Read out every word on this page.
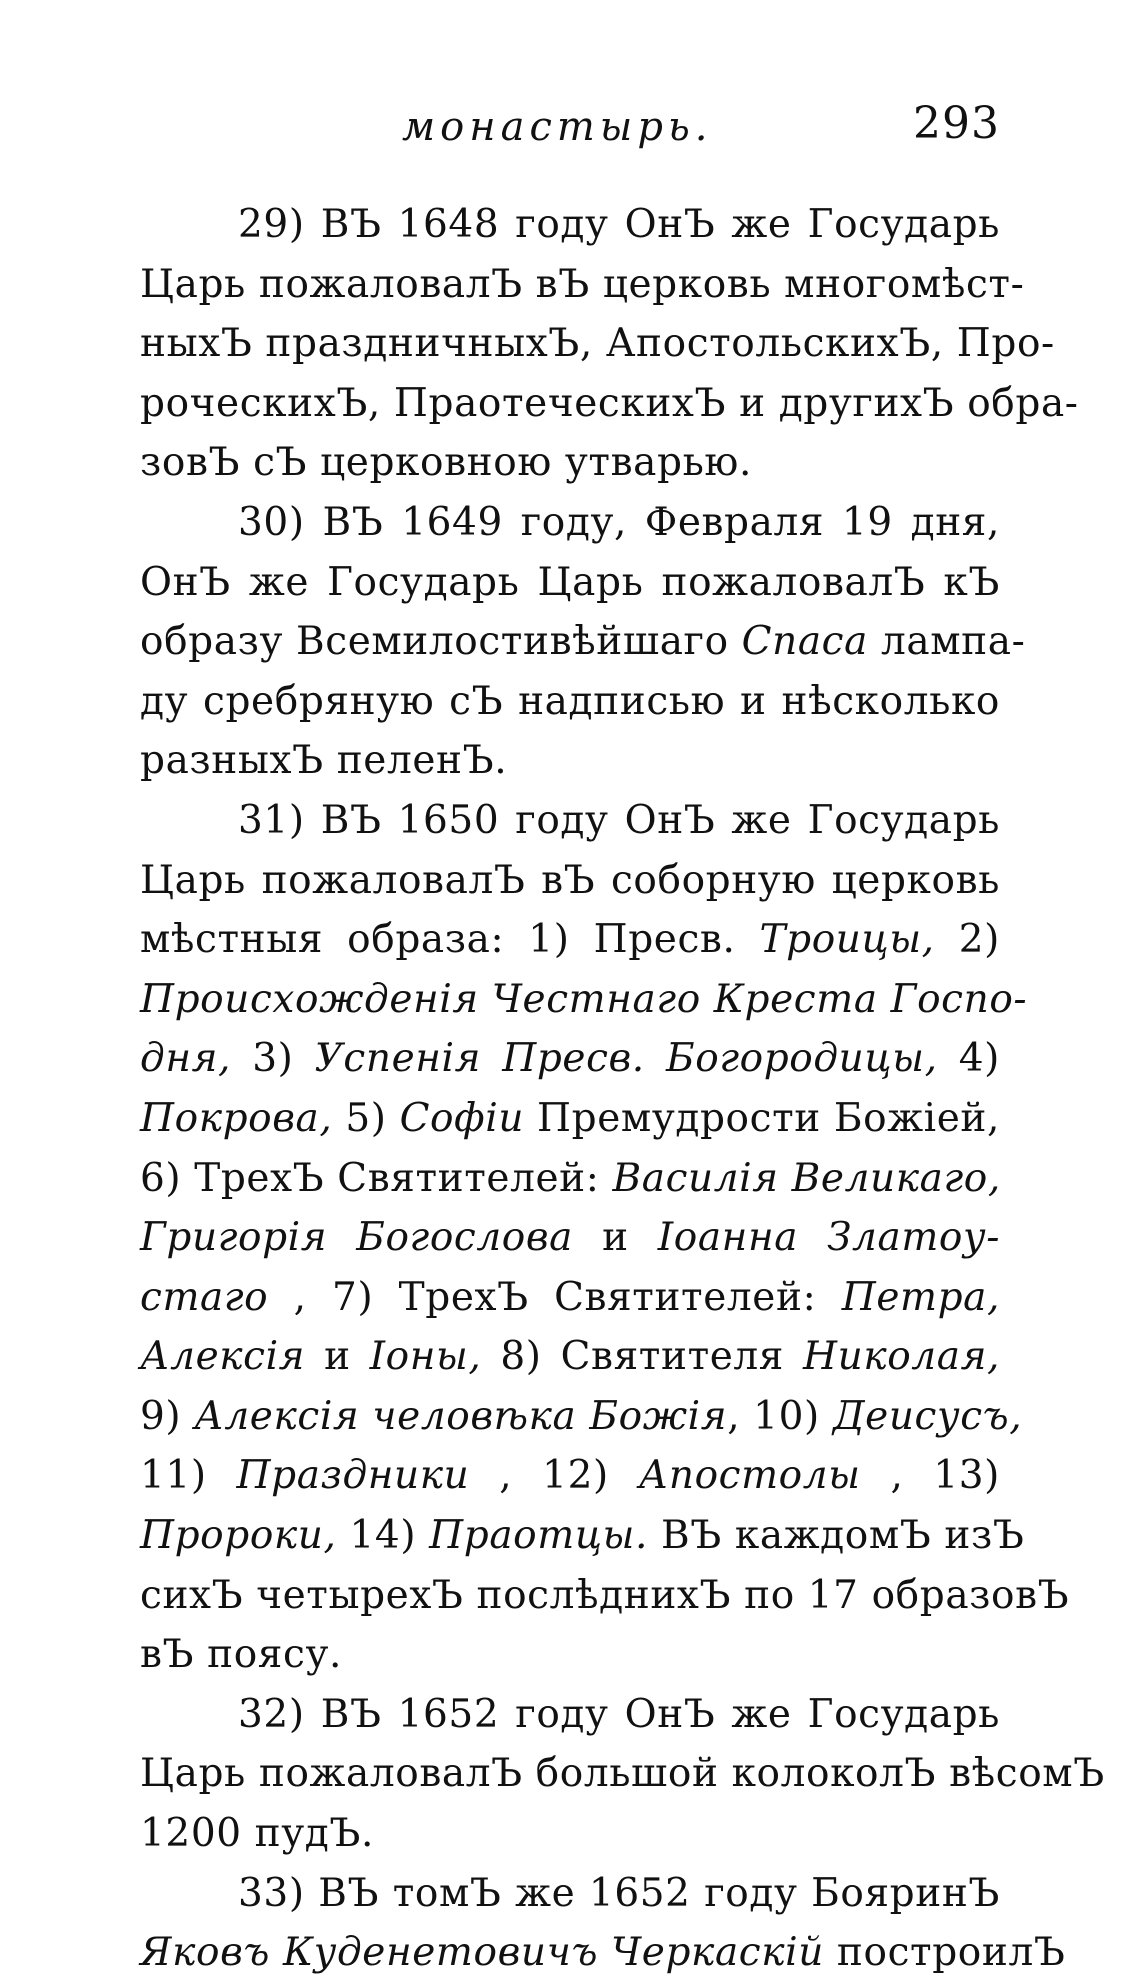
монастырь.	293
29) ВЪ 1648 году ОнЪ же Государь
Царь пожаловалЪ вЪ церковь многомѣст-
ныхЪ праздничныхЪ, АпостольскихЪ, Про-
роческихЪ, ПраотеческихЪ и другихЪ обра-
зовЪ сЪ церковною утварью.
30) ВЪ 1649 году, Февраля 19 дня,
ОнЪ же Государь Царь пожаловалЪ кЪ
образу Всемилостивѣйшаго Спаса лампа-
ду сребряную сЪ надписью и нѣсколько
разныхЪ пеленЪ.
31) ВЪ 1650 году ОнЪ же Государь
Царь пожаловалЪ вЪ соборную церковь
мѣстныя образа: 1) Пресв. Троицы, 2)
Происхожденія Честнаго Креста Госпо-
дня, 3) Успенія Пресв. Богородицы, 4)
Покрова, 5) Софіи Премудрости Божіей,
6) ТрехЪ Святителей: Василія Великаго,
Григорія Богослова и Іоанна Златоу-
стаго , 7) ТрехЪ Святителей: Петра,
Алексія и Іоны, 8) Святителя Николая,
9) Алексія человѣка Божія, 10) Деисусъ,
11) Праздники , 12) Апостолы , 13)
Пророки, 14) Праотцы. ВЪ каждомЪ изЪ
сихЪ четырехЪ послѣднихЪ по 17 образовЪ
вЪ поясу.
32) ВЪ 1652 году ОнЪ же Государь
Царь пожаловалЪ большой колоколЪ вѣсомЪ
1200 пудЪ.
33) ВЪ томЪ же 1652 году БояринЪ
Яковъ Куденетовичъ Черкаскій построилЪ
